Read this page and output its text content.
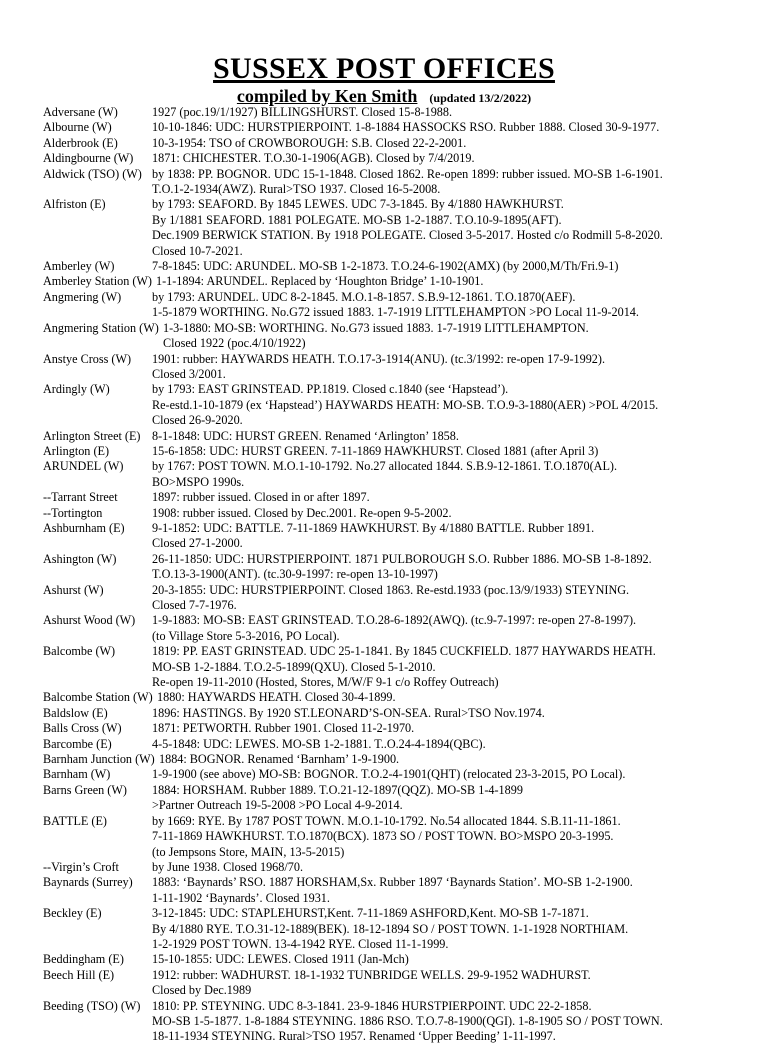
SUSSEX POST OFFICES
compiled by Ken Smith (updated 13/2/2022)
Adversane (W)	1927 (poc.19/1/1927) BILLINGSHURST. Closed 15-8-1988.
Albourne (W)	10-10-1846: UDC: HURSTPIERPOINT. 1-8-1884 HASSOCKS RSO. Rubber 1888. Closed 30-9-1977.
Alderbrook (E)	10-3-1954: TSO of CROWBOROUGH: S.B. Closed 22-2-2001.
Aldingbourne (W)	1871: CHICHESTER. T.O.30-1-1906(AGB). Closed by 7/4/2019.
Aldwick (TSO) (W) by 1838: PP. BOGNOR. UDC 15-1-1848. Closed 1862. Re-open 1899: rubber issued. MO-SB 1-6-1901.
T.O.1-2-1934(AWZ). Rural>TSO 1937. Closed 16-5-2008.
Alfriston (E)	by 1793: SEAFORD. By 1845 LEWES. UDC 7-3-1845. By 4/1880 HAWKHURST.
By 1/1881 SEAFORD. 1881 POLEGATE. MO-SB 1-2-1887. T.O.10-9-1895(AFT).
Dec.1909 BERWICK STATION. By 1918 POLEGATE. Closed 3-5-2017. Hosted c/o Rodmill 5-8-2020.
Closed 10-7-2021.
Amberley (W)	7-8-1845: UDC: ARUNDEL. MO-SB 1-2-1873. T.O.24-6-1902(AMX) (by 2000,M/Th/Fri.9-1)
Amberley Station (W) 1-1-1894: ARUNDEL. Replaced by ‘Houghton Bridge’ 1-10-1901.
Angmering (W)	by 1793: ARUNDEL. UDC 8-2-1845. M.O.1-8-1857. S.B.9-12-1861. T.O.1870(AEF).
1-5-1879 WORTHING. No.G72 issued 1883. 1-7-1919 LITTLEHAMPTON >PO Local 11-9-2014.
Angmering Station (W) 1-3-1880: MO-SB: WORTHING. No.G73 issued 1883. 1-7-1919 LITTLEHAMPTON.
Closed 1922 (poc.4/10/1922)
Anstye Cross (W)	1901: rubber: HAYWARDS HEATH. T.O.17-3-1914(ANU). (tc.3/1992: re-open 17-9-1992).
Closed 3/2001.
Ardingly (W)	by 1793: EAST GRINSTEAD. PP.1819. Closed c.1840 (see ‘Hapstead’).
Re-estd.1-10-1879 (ex ‘Hapstead’) HAYWARDS HEATH: MO-SB. T.O.9-3-1880(AER) >POL 4/2015.
Closed 26-9-2020.
Arlington Street (E) 8-1-1848: UDC: HURST GREEN. Renamed ‘Arlington’ 1858.
Arlington (E)	15-6-1858: UDC: HURST GREEN. 7-11-1869 HAWKHURST. Closed 1881 (after April 3)
ARUNDEL (W)	by 1767: POST TOWN. M.O.1-10-1792. No.27 allocated 1844. S.B.9-12-1861. T.O.1870(AL).
BO>MSPO 1990s.
--Tarrant Street	1897: rubber issued. Closed in or after 1897.
--Tortington	1908: rubber issued. Closed by Dec.2001. Re-open 9-5-2002.
Ashburnham (E)	9-1-1852: UDC: BATTLE. 7-11-1869 HAWKHURST. By 4/1880 BATTLE. Rubber 1891.
Closed 27-1-2000.
Ashington (W)	26-11-1850: UDC: HURSTPIERPOINT. 1871 PULBOROUGH S.O. Rubber 1886. MO-SB 1-8-1892.
T.O.13-3-1900(ANT). (tc.30-9-1997: re-open 13-10-1997)
Ashurst (W)	20-3-1855: UDC: HURSTPIERPOINT. Closed 1863. Re-estd.1933 (poc.13/9/1933) STEYNING.
Closed 7-7-1976.
Ashurst Wood (W)	1-9-1883: MO-SB: EAST GRINSTEAD. T.O.28-6-1892(AWQ). (tc.9-7-1997: re-open 27-8-1997).
(to Village Store 5-3-2016, PO Local).
Balcombe (W)	1819: PP. EAST GRINSTEAD. UDC 25-1-1841. By 1845 CUCKFIELD. 1877 HAYWARDS HEATH.
MO-SB 1-2-1884. T.O.2-5-1899(QXU). Closed 5-1-2010.
Re-open 19-11-2010 (Hosted, Stores, M/W/F 9-1 c/o Roffey Outreach)
Balcombe Station (W) 1880: HAYWARDS HEATH. Closed 30-4-1899.
Baldslow (E)	1896: HASTINGS. By 1920 ST.LEONARD’S-ON-SEA. Rural>TSO Nov.1974.
Balls Cross (W)	1871: PETWORTH. Rubber 1901. Closed 11-2-1970.
Barcombe (E)	4-5-1848: UDC: LEWES. MO-SB 1-2-1881. T..O.24-4-1894(QBC).
Barnham Junction (W) 1884: BOGNOR. Renamed ‘Barnham’ 1-9-1900.
Barnham (W)	1-9-1900 (see above) MO-SB: BOGNOR. T.O.2-4-1901(QHT) (relocated 23-3-2015, PO Local).
Barns Green (W)	1884: HORSHAM. Rubber 1889. T.O.21-12-1897(QQZ). MO-SB 1-4-1899
>Partner Outreach 19-5-2008 >PO Local 4-9-2014.
BATTLE (E)	by 1669: RYE. By 1787 POST TOWN. M.O.1-10-1792. No.54 allocated 1844. S.B.11-11-1861.
7-11-1869 HAWKHURST. T.O.1870(BCX). 1873 SO / POST TOWN. BO>MSPO 20-3-1995.
(to Jempsons Store, MAIN, 13-5-2015)
--Virgin’s Croft	by June 1938. Closed 1968/70.
Baynards (Surrey)	1883: ‘Baynards’ RSO. 1887 HORSHAM,Sx. Rubber 1897 ‘Baynards Station’. MO-SB 1-2-1900.
1-11-1902 ‘Baynards’. Closed 1931.
Beckley (E)	3-12-1845: UDC: STAPLEHURST,Kent. 7-11-1869 ASHFORD,Kent. MO-SB 1-7-1871.
By 4/1880 RYE. T.O.31-12-1889(BEK). 18-12-1894 SO / POST TOWN. 1-1-1928 NORTHIAM.
1-2-1929 POST TOWN. 13-4-1942 RYE. Closed 11-1-1999.
Beddingham (E)	15-10-1855: UDC: LEWES. Closed 1911 (Jan-Mch)
Beech Hill (E)	1912: rubber: WADHURST. 18-1-1932 TUNBRIDGE WELLS. 29-9-1952 WADHURST.
Closed by Dec.1989
Beeding (TSO) (W) 1810: PP. STEYNING. UDC 8-3-1841. 23-9-1846 HURSTPIERPOINT. UDC 22-2-1858.
MO-SB 1-5-1877. 1-8-1884 STEYNING. 1886 RSO. T.O.7-8-1900(QGI). 1-8-1905 SO / POST TOWN.
18-11-1934 STEYNING. Rural>TSO 1957. Renamed ‘Upper Beeding’ 1-11-1997.
